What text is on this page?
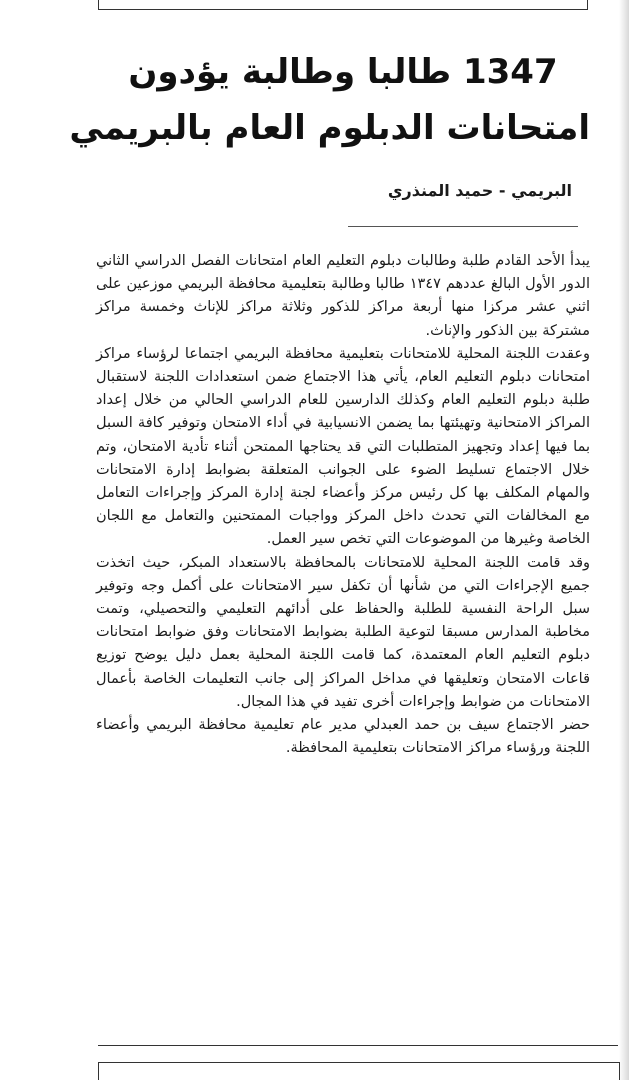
1347 طالبا وطالبة يؤدون
امتحانات الدبلوم العام بالبريمي
البريمي - حميد المنذري

يبدأ الأحد القادم طلبة وطالبات دبلوم التعليم العام امتحانات الفصل الدراسي الثاني الدور الأول البالغ عددهم ١٣٤٧ طالبا وطالبة بتعليمية محافظة البريمي موزعين على اثني عشر مركزا منها أربعة مراكز للذكور وثلاثة مراكز للإناث وخمسة مراكز مشتركة بين الذكور والإناث.

وعقدت اللجنة المحلية للامتحانات بتعليمية محافظة البريمي اجتماعا لرؤساء مراكز امتحانات دبلوم التعليم العام، يأتي هذا الاجتماع ضمن استعدادات اللجنة لاستقبال طلبة دبلوم التعليم العام وكذلك الدارسين للعام الدراسي الحالي من خلال إعداد المراكز الامتحانية وتهيئتها بما يضمن الانسيابية في أداء الامتحان وتوفير كافة السبل بما فيها إعداد وتجهيز المتطلبات التي قد يحتاجها الممتحن أثناء تأدية الامتحان، وتم خلال الاجتماع تسليط الضوء على الجوانب المتعلقة بضوابط إدارة الامتحانات والمهام المكلف بها كل رئيس مركز وأعضاء لجنة إدارة المركز وإجراءات التعامل مع المخالفات التي تحدث داخل المركز وواجبات الممتحنين والتعامل مع اللجان الخاصة وغيرها من الموضوعات التي تخص سير العمل.

وقد قامت اللجنة المحلية للامتحانات بالمحافظة بالاستعداد المبكر، حيث اتخذت جميع الإجراءات التي من شأنها أن تكفل سير الامتحانات على أكمل وجه وتوفير سبل الراحة النفسية للطلبة والحفاظ على أدائهم التعليمي والتحصيلي، وتمت مخاطبة المدارس مسبقا لتوعية الطلبة بضوابط الامتحانات وفق ضوابط امتحانات دبلوم التعليم العام المعتمدة، كما قامت اللجنة المحلية بعمل دليل يوضح توزيع قاعات الامتحان وتعليقها في مداخل المراكز إلى جانب التعليمات الخاصة بأعمال الامتحانات من ضوابط وإجراءات أخرى تفيد في هذا المجال.

حضر الاجتماع سيف بن حمد العبدلي مدير عام تعليمية محافظة البريمي وأعضاء اللجنة ورؤساء مراكز الامتحانات بتعليمية المحافظة.
